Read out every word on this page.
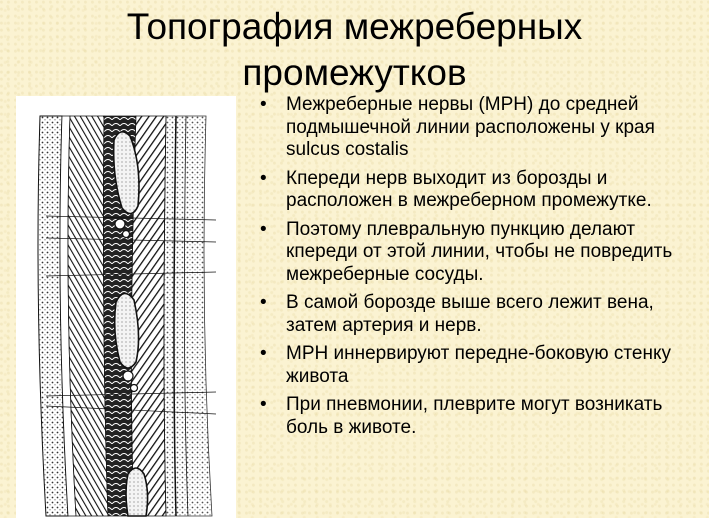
Топография межреберных
промежутков
• Межреберные нервы (МРН) до средней подмышечной линии расположены у края sulcus costalis
• Кпереди нерв выходит из борозды и расположен в межреберном промежутке.
• Поэтому плевральную пункцию делают кпереди от этой линии, чтобы не повредить межреберные сосуды.
• В самой борозде выше всего лежит вена, затем артерия и нерв.
• МРН иннервируют передне-боковую стенку живота
• При пневмонии, плеврите могут возникать боль в животе.
